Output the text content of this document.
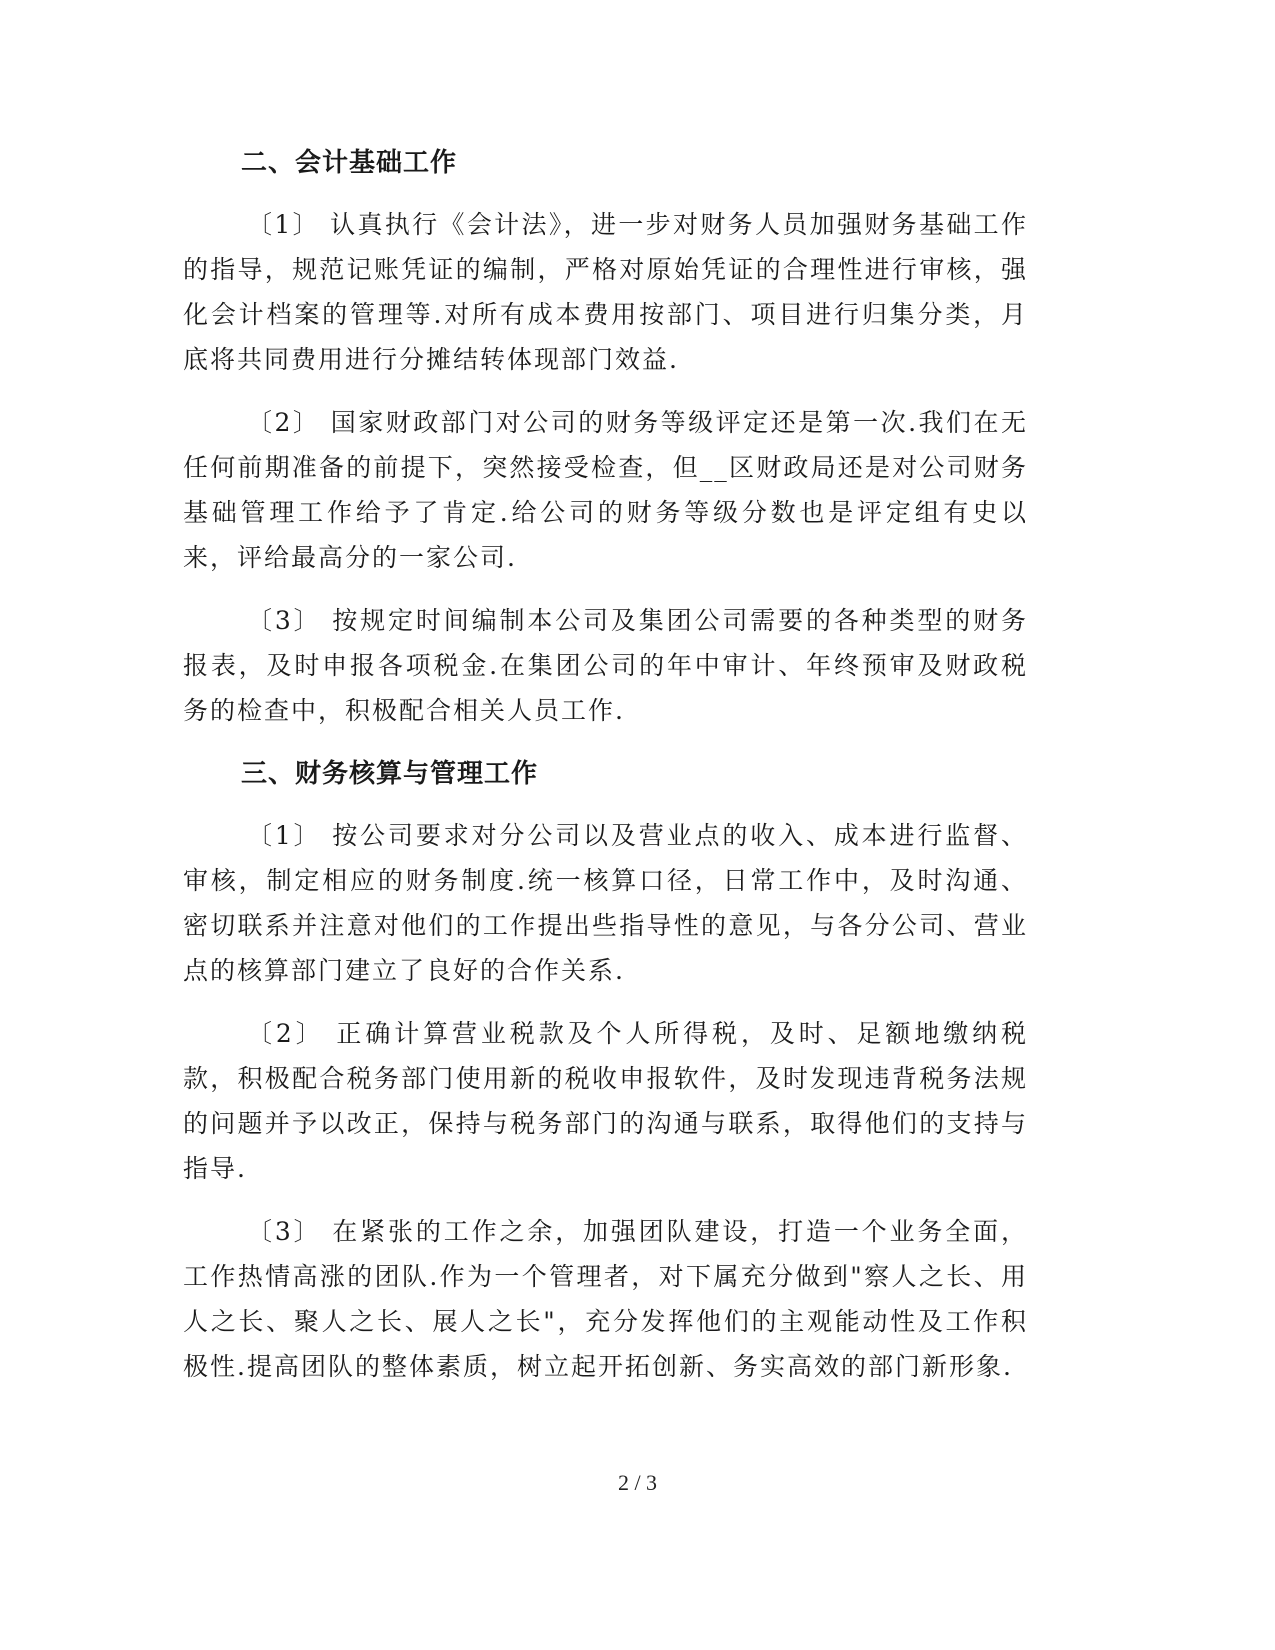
二、会计基础工作

〔1〕 认真执行《会计法》，进一步对财务人员加强财务基础工作的指导，规范记账凭证的编制，严格对原始凭证的合理性进行审核，强化会计档案的管理等.对所有成本费用按部门、项目进行归集分类，月底将共同费用进行分摊结转体现部门效益.

〔2〕 国家财政部门对公司的财务等级评定还是第一次.我们在无任何前期准备的前提下，突然接受检查，但__区财政局还是对公司财务基础管理工作给予了肯定.给公司的财务等级分数也是评定组有史以来，评给最高分的一家公司.

〔3〕 按规定时间编制本公司及集团公司需要的各种类型的财务报表，及时申报各项税金.在集团公司的年中审计、年终预审及财政税务的检查中，积极配合相关人员工作.

三、财务核算与管理工作

〔1〕 按公司要求对分公司以及营业点的收入、成本进行监督、审核，制定相应的财务制度.统一核算口径，日常工作中，及时沟通、密切联系并注意对他们的工作提出些指导性的意见，与各分公司、营业点的核算部门建立了良好的合作关系.

〔2〕 正确计算营业税款及个人所得税，及时、足额地缴纳税款，积极配合税务部门使用新的税收申报软件，及时发现违背税务法规的问题并予以改正，保持与税务部门的沟通与联系，取得他们的支持与指导.

〔3〕 在紧张的工作之余，加强团队建设，打造一个业务全面，工作热情高涨的团队.作为一个管理者，对下属充分做到"察人之长、用人之长、聚人之长、展人之长"，充分发挥他们的主观能动性及工作积极性.提高团队的整体素质，树立起开拓创新、务实高效的部门新形象.

2 / 3
